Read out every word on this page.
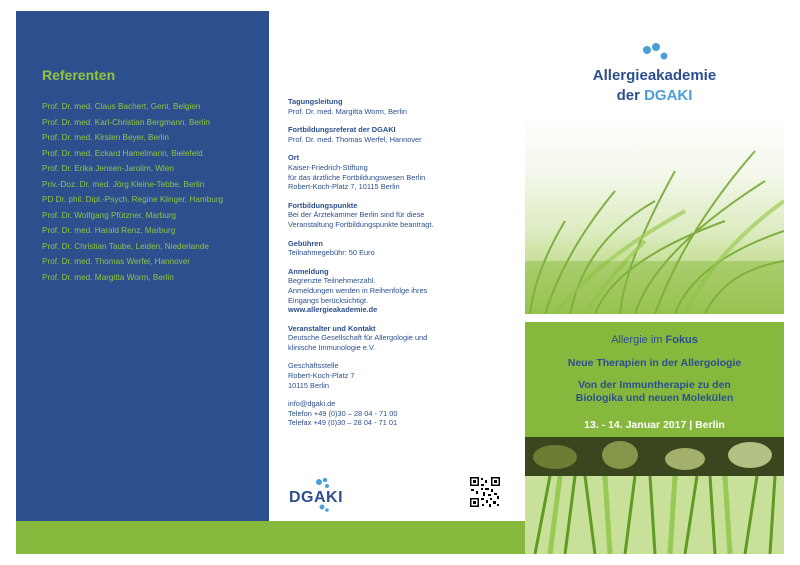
Referenten
Prof. Dr. med. Claus Bachert, Gent, Belgien
Prof. Dr. med. Karl-Christian Bergmann, Berlin
Prof. Dr. med. Kirsten Beyer, Berlin
Prof. Dr. med. Eckard Hamelmann, Bielefeld
Prof. Dr. Erika Jensen-Jarolim, Wien
Priv.-Doz. Dr. med. Jörg Kleine-Tebbe, Berlin
PD Dr. phil. Dipl.-Psych. Regine Klinger, Hamburg
Prof. Dr. Wolfgang Pfützner, Marburg
Prof. Dr. med. Harald Renz, Marburg
Prof. Dr. Christian Taube, Leiden, Niederlande
Prof. Dr. med. Thomas Werfel, Hannover
Prof. Dr. med. Margitta Worm, Berlin
Tagungsleitung
Prof. Dr. med. Margitta Worm, Berlin
Fortbildungsreferat der DGAKI
Prof. Dr. med. Thomas Werfel, Hannover
Ort
Kaiser-Friedrich-Stiftung
für das ärztliche Fortbildungswesen Berlin
Robert-Koch-Platz 7, 10115 Berlin
Fortbildungspunkte
Bei der Ärztekammer Berlin sind für diese
Veranstaltung Fortbildungspunkte beantragt.
Gebühren
Teilnahmegebühr: 50 Euro
Anmeldung
Begrenzte Teilnehmerzahl.
Anmeldungen werden in Reihenfolge ihres
Eingangs berücksichtigt.
www.allergieakademie.de
Veranstalter und Kontakt
Deutsche Gesellschaft für Allergologie und
klinische Immunologie e.V.
Geschäftsstelle
Robert-Koch-Platz 7
10115 Berlin
info@dgaki.de
Telefon +49 (0)30 – 28 04 - 71 00
Telefax +49 (0)30 – 28 04 - 71 01
DGAKI
Allergieakademie
der DGAKI
Allergie im Fokus
Neue Therapien in der Allergologie
Von der Immuntherapie zu den
Biologika und neuen Molekülen
13. - 14. Januar 2017 | Berlin
